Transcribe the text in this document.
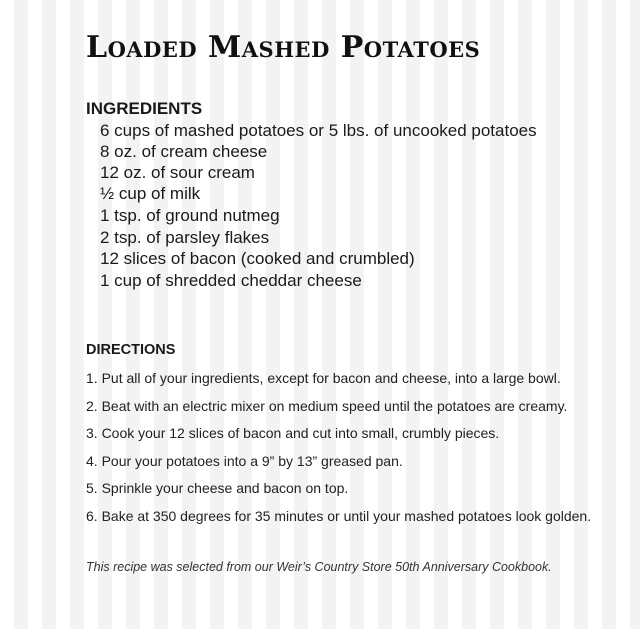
Loaded Mashed Potatoes
INGREDIENTS
6 cups of mashed potatoes or 5 lbs. of uncooked potatoes
8 oz. of cream cheese
12 oz. of sour cream
½ cup of milk
1 tsp. of ground nutmeg
2 tsp. of parsley flakes
12 slices of bacon (cooked and crumbled)
1 cup of shredded cheddar cheese
DIRECTIONS

1. Put all of your ingredients, except for bacon and cheese, into a large bowl.

2. Beat with an electric mixer on medium speed until the potatoes are creamy.

3. Cook your 12 slices of bacon and cut into small, crumbly pieces.

4. Pour your potatoes into a 9” by 13” greased pan.

5. Sprinkle your cheese and bacon on top.

6. Bake at 350 degrees for 35 minutes or until your mashed potatoes look golden.

This recipe was selected from our Weir’s Country Store 50th Anniversary Cookbook.
